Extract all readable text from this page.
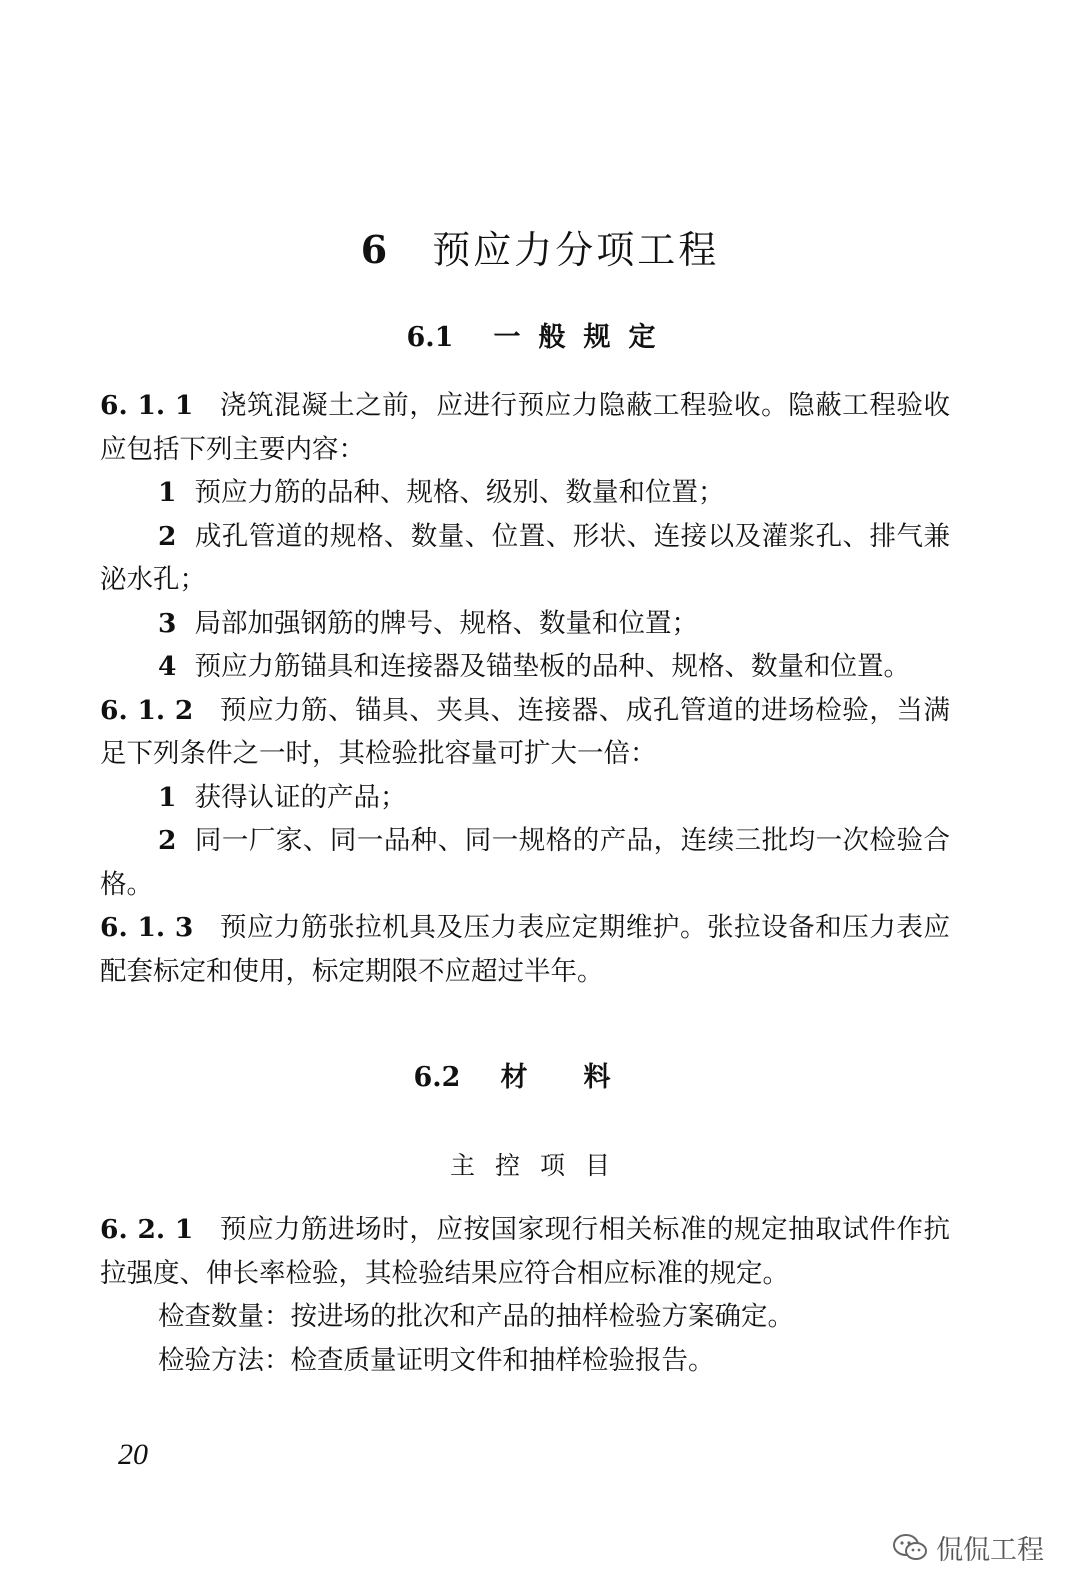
6 预应力分项工程
6.1 一般规定

6. 1. 1 浇筑混凝土之前，应进行预应力隐蔽工程验收。隐蔽工程验收应包括下列主要内容：

1 预应力筋的品种、规格、级别、数量和位置；

2 成孔管道的规格、数量、位置、形状、连接以及灌浆孔、排气兼泌水孔；

3 局部加强钢筋的牌号、规格、数量和位置；

4 预应力筋锚具和连接器及锚垫板的品种、规格、数量和位置。

6. 1. 2 预应力筋、锚具、夹具、连接器、成孔管道的进场检验，当满足下列条件之一时，其检验批容量可扩大一倍：

1 获得认证的产品；

2 同一厂家、同一品种、同一规格的产品，连续三批均一次检验合格。

6. 1. 3 预应力筋张拉机具及压力表应定期维护。张拉设备和压力表应配套标定和使用，标定期限不应超过半年。

6.2 材料
主控项目

6. 2. 1 预应力筋进场时，应按国家现行相关标准的规定抽取试件作抗拉强度、伸长率检验，其检验结果应符合相应标准的规定。

检查数量：按进场的批次和产品的抽样检验方案确定。

检验方法：检查质量证明文件和抽样检验报告。

20
侃侃工程
